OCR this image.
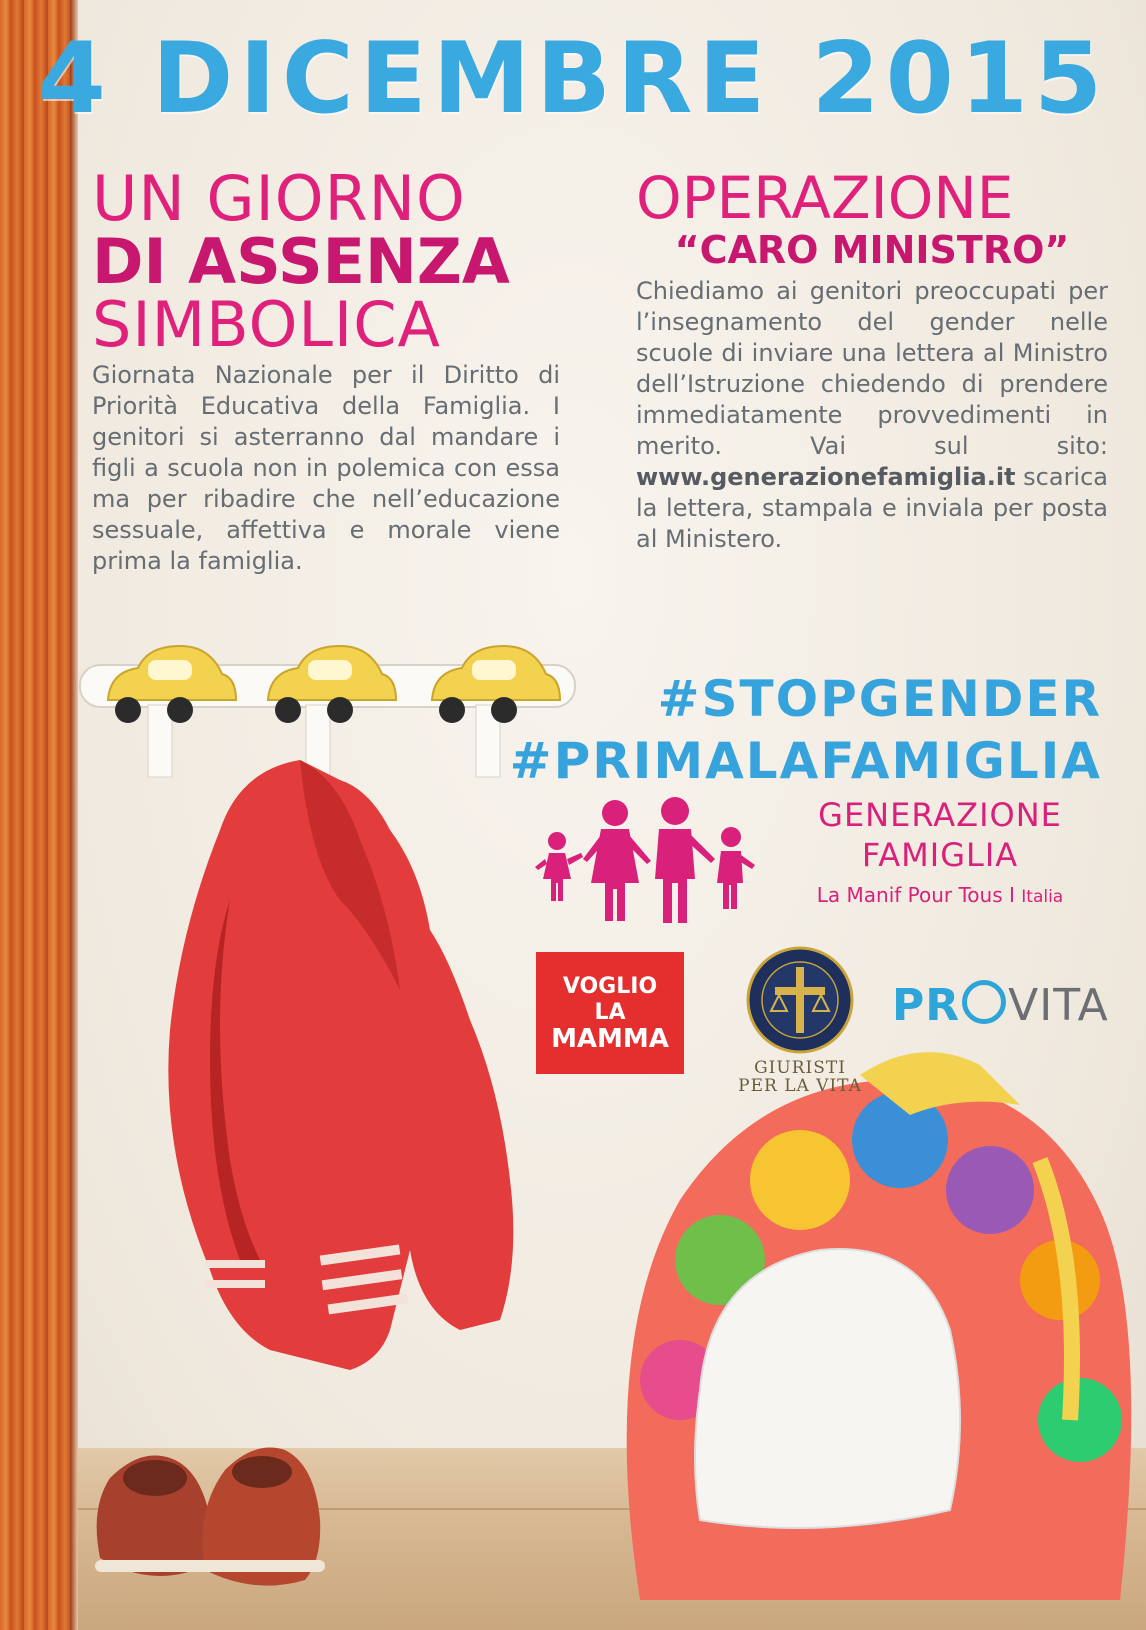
4 DICEMBRE 2015
UN GIORNO
DI ASSENZA
SIMBOLICA
Giornata Nazionale per il Diritto di Priorità Educativa della Famiglia. I genitori si asterranno dal mandare i figli a scuola non in polemica con essa ma per ribadire che nell’educazione sessuale, affettiva e morale viene prima la famiglia.
OPERAZIONE
“CARO MINISTRO”
Chiediamo ai genitori preoccupati per l’insegnamento del gender nelle scuole di inviare una lettera al Ministro dell’Istruzione chiedendo di prendere immediatamente provvedimenti in merito. Vai sul sito: www.generazionefamiglia.it scarica la lettera, stampala e inviala per posta al Ministero.
#STOPGENDER
#PRIMALAFAMIGLIA
GENERAZIONE
FAMIGLIA
La Manif Pour Tous I Italia
VOGLIO
LA
MAMMA
GIURISTI
PER LA VITA
PR VITA
